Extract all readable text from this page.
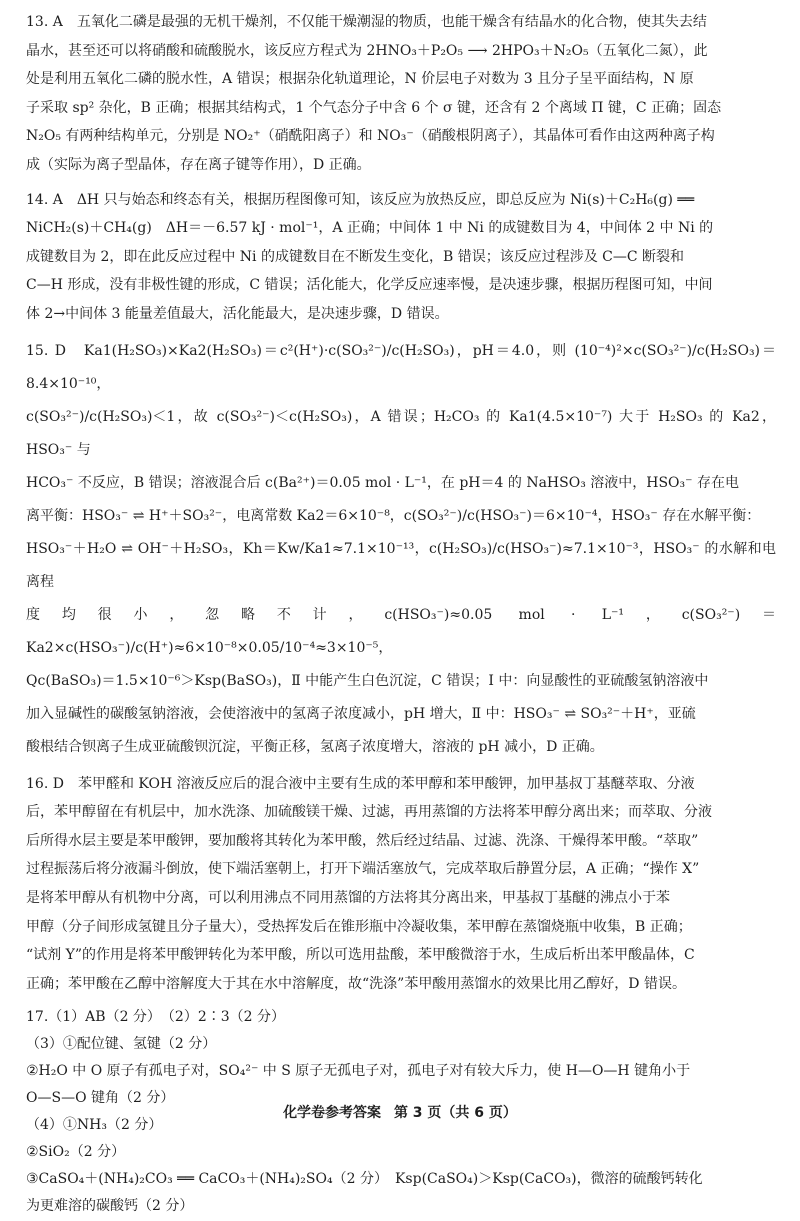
13. A　五氧化二磷是最强的无机干燥剂，不仅能干燥潮湿的物质，也能干燥含有结晶水的化合物，使其失去结
晶水，甚至还可以将硝酸和硫酸脱水，该反应方程式为 2HNO₃＋P₂O₅ ⟶ 2HPO₃＋N₂O₅（五氧化二氮），此
处是利用五氧化二磷的脱水性，A 错误；根据杂化轨道理论，N 价层电子对数为 3 且分子呈平面结构，N 原
子采取 sp² 杂化，B 正确；根据其结构式，1 个气态分子中含 6 个 σ 键，还含有 2 个离域 Π 键，C 正确；固态
N₂O₅ 有两种结构单元，分别是 NO₂⁺（硝酰阳离子）和 NO₃⁻（硝酸根阴离子），其晶体可看作由这两种离子构
成（实际为离子型晶体，存在离子键等作用），D 正确。
14. A　ΔH 只与始态和终态有关，根据历程图像可知，该反应为放热反应，即总反应为 Ni(s)＋C₂H₆(g) ══
NiCH₂(s)＋CH₄(g)　ΔH＝－6.57 kJ · mol⁻¹，A 正确；中间体 1 中 Ni 的成键数目为 4，中间体 2 中 Ni 的
成键数目为 2，即在此反应过程中 Ni 的成键数目在不断发生变化，B 错误；该反应过程涉及 C—C 断裂和
C—H 形成，没有非极性键的形成，C 错误；活化能大，化学反应速率慢，是决速步骤，根据历程图可知，中间
体 2→中间体 3 能量差值最大，活化能最大，是决速步骤，D 错误。
15. D　Ka1(H₂SO₃)×Ka2(H₂SO₃)＝c²(H⁺)·c(SO₃²⁻)/c(H₂SO₃)，pH＝4.0，则 (10⁻⁴)²×c(SO₃²⁻)/c(H₂SO₃)＝8.4×10⁻¹⁰，
c(SO₃²⁻)/c(H₂SO₃)＜1，故 c(SO₃²⁻)＜c(H₂SO₃)，A 错误；H₂CO₃ 的 Ka1(4.5×10⁻⁷) 大于 H₂SO₃ 的 Ka2，HSO₃⁻ 与
HCO₃⁻ 不反应，B 错误；溶液混合后 c(Ba²⁺)＝0.05 mol · L⁻¹，在 pH＝4 的 NaHSO₃ 溶液中，HSO₃⁻ 存在电
离平衡：HSO₃⁻ ⇌ H⁺＋SO₃²⁻，电离常数 Ka2＝6×10⁻⁸，c(SO₃²⁻)/c(HSO₃⁻)＝6×10⁻⁴，HSO₃⁻ 存在水解平衡：
HSO₃⁻＋H₂O ⇌ OH⁻＋H₂SO₃，Kh＝Kw/Ka1≈7.1×10⁻¹³，c(H₂SO₃)/c(HSO₃⁻)≈7.1×10⁻³，HSO₃⁻ 的水解和电离程
度均很小，忽略不计，c(HSO₃⁻)≈0.05 mol · L⁻¹，c(SO₃²⁻)＝Ka2×c(HSO₃⁻)/c(H⁺)≈6×10⁻⁸×0.05/10⁻⁴≈3×10⁻⁵，
Qc(BaSO₃)＝1.5×10⁻⁶＞Ksp(BaSO₃)，Ⅱ 中能产生白色沉淀，C 错误；Ⅰ 中：向显酸性的亚硫酸氢钠溶液中
加入显碱性的碳酸氢钠溶液，会使溶液中的氢离子浓度减小，pH 增大，Ⅱ 中：HSO₃⁻ ⇌ SO₃²⁻＋H⁺，亚硫
酸根结合钡离子生成亚硫酸钡沉淀，平衡正移，氢离子浓度增大，溶液的 pH 减小，D 正确。
16. D　苯甲醛和 KOH 溶液反应后的混合液中主要有生成的苯甲醇和苯甲酸钾，加甲基叔丁基醚萃取、分液
后，苯甲醇留在有机层中，加水洗涤、加硫酸镁干燥、过滤，再用蒸馏的方法将苯甲醇分离出来；而萃取、分液
后所得水层主要是苯甲酸钾，要加酸将其转化为苯甲酸，然后经过结晶、过滤、洗涤、干燥得苯甲酸。“萃取”
过程振荡后将分液漏斗倒放，使下端活塞朝上，打开下端活塞放气，完成萃取后静置分层，A 正确；“操作 X”
是将苯甲醇从有机物中分离，可以利用沸点不同用蒸馏的方法将其分离出来，甲基叔丁基醚的沸点小于苯
甲醇（分子间形成氢键且分子量大），受热挥发后在锥形瓶中冷凝收集，苯甲醇在蒸馏烧瓶中收集，B 正确；
“试剂 Y”的作用是将苯甲酸钾转化为苯甲酸，所以可选用盐酸，苯甲酸微溶于水，生成后析出苯甲酸晶体，C
正确；苯甲酸在乙醇中溶解度大于其在水中溶解度，故“洗涤”苯甲酸用蒸馏水的效果比用乙醇好，D 错误。
17.（1）AB（2 分）　（2）2∶3（2 分）
（3）①配位键、氢键（2 分）
②H₂O 中 O 原子有孤电子对，SO₄²⁻ 中 S 原子无孤电子对，孤电子对有较大斥力，使 H—O—H 键角小于
O—S—O 键角（2 分）
（4）①NH₃（2 分）
②SiO₂（2 分）
③CaSO₄＋(NH₄)₂CO₃ ══ CaCO₃＋(NH₄)₂SO₄（2 分）　Ksp(CaSO₄)＞Ksp(CaCO₃)，微溶的硫酸钙转化
为更难溶的碳酸钙（2 分）
化学卷参考答案 第 3 页（共 6 页）
